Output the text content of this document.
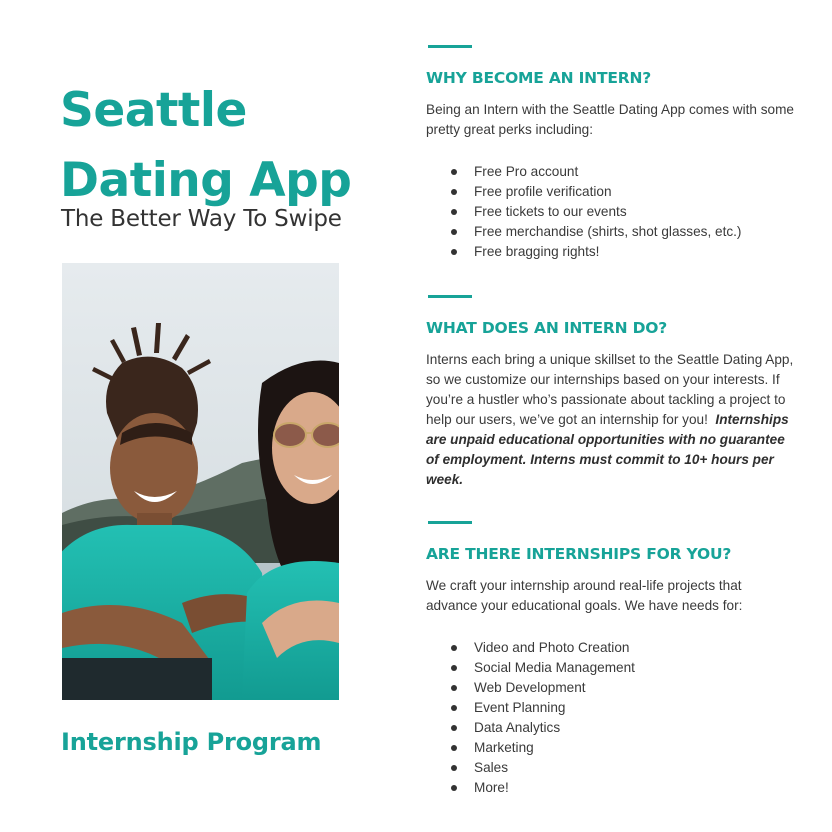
Seattle Dating App

The Better Way To Swipe

Internship Program
WHY BECOME AN INTERN?

Being an Intern with the Seattle Dating App comes with some pretty great perks including:

Free Pro account
Free profile verification
Free tickets to our events
Free merchandise (shirts, shot glasses, etc.)
Free bragging rights!
WHAT DOES AN INTERN DO?

Interns each bring a unique skillset to the Seattle Dating App, so we customize our internships based on your interests. If you’re a hustler who’s passionate about tackling a project to help our users, we’ve got an internship for you! Internships are unpaid educational opportunities with no guarantee of employment. Interns must commit to 10+ hours per week.

ARE THERE INTERNSHIPS FOR YOU?

We craft your internship around real-life projects that advance your educational goals. We have needs for:

Video and Photo Creation
Social Media Management
Web Development
Event Planning
Data Analytics
Marketing
Sales
More!
